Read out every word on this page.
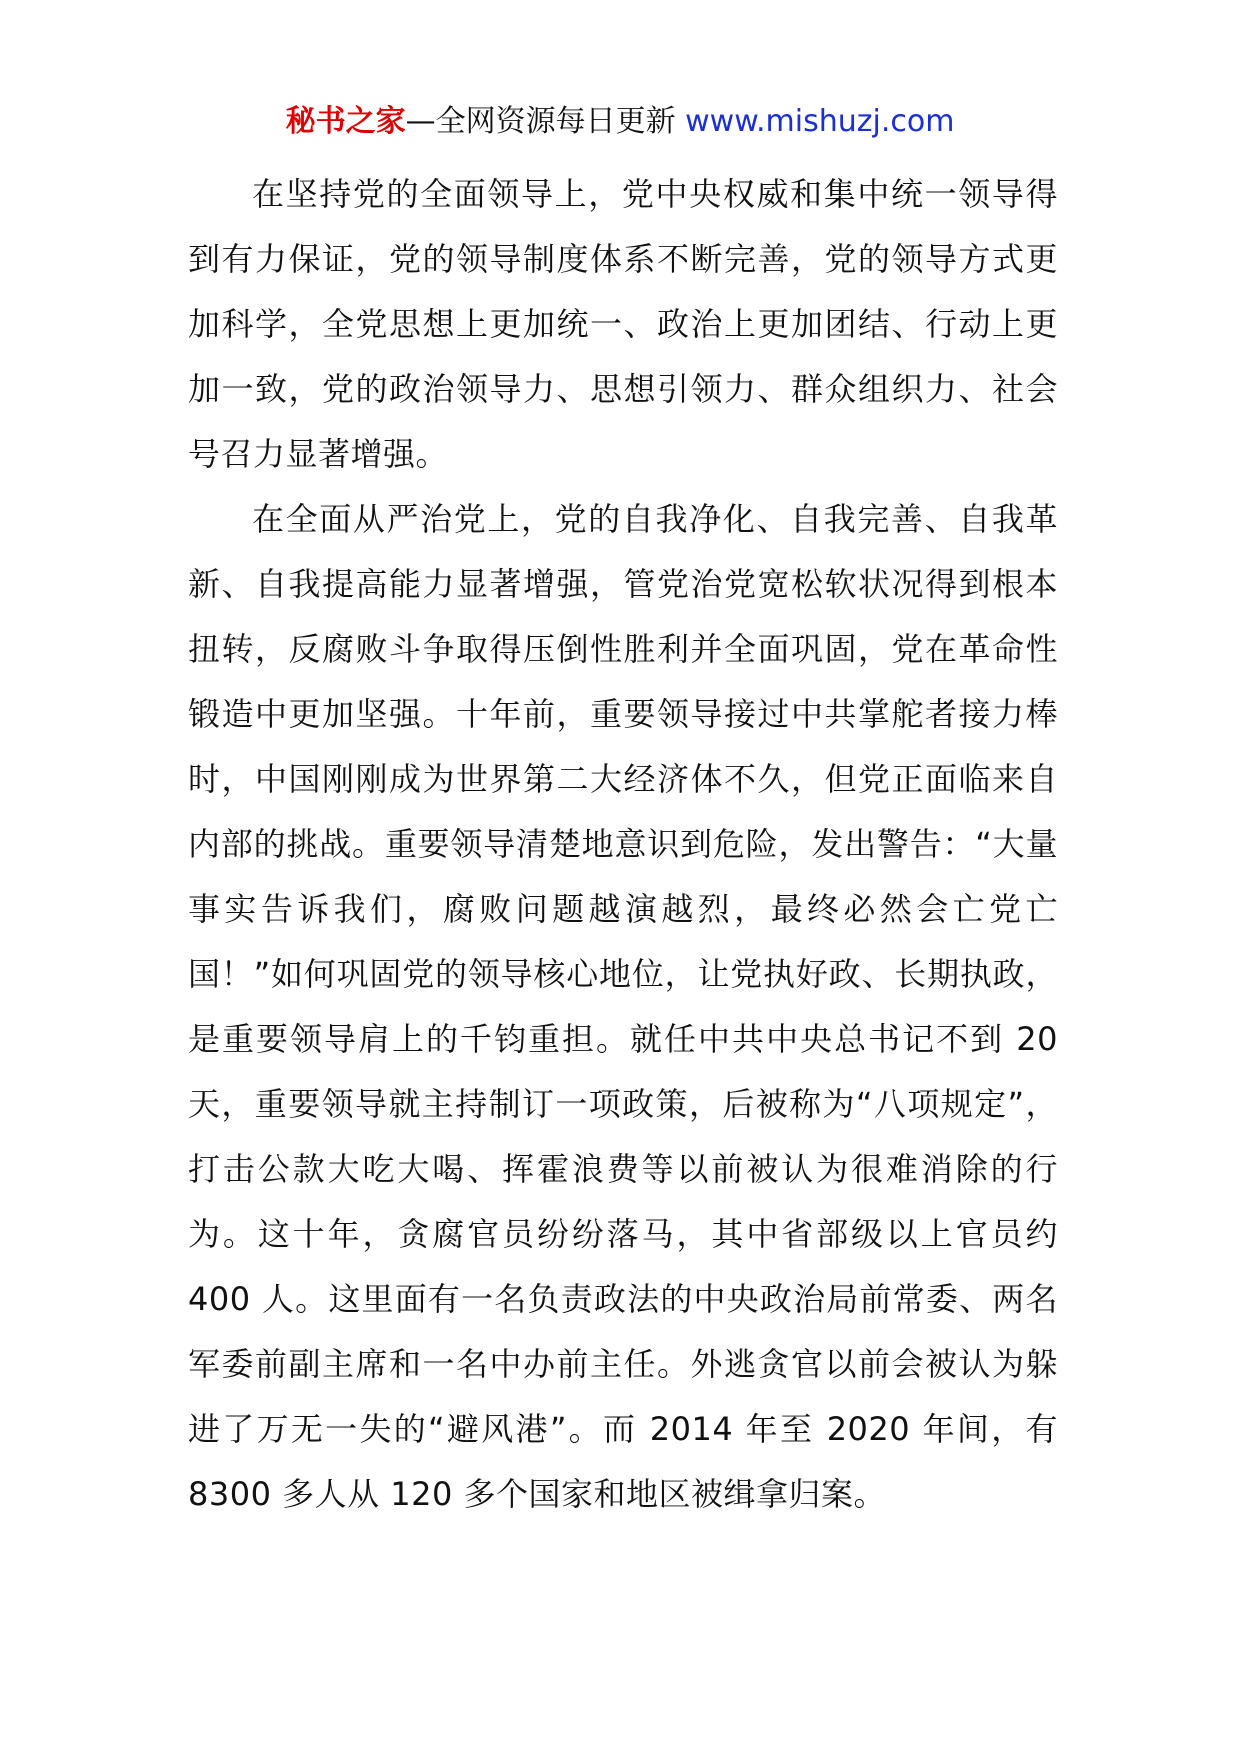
秘书之家—全网资源每日更新 www.mishuzj.com

在坚持党的全面领导上，党中央权威和集中统一领导得到有力保证，党的领导制度体系不断完善，党的领导方式更加科学，全党思想上更加统一、政治上更加团结、行动上更加一致，党的政治领导力、思想引领力、群众组织力、社会号召力显著增强。

在全面从严治党上，党的自我净化、自我完善、自我革新、自我提高能力显著增强，管党治党宽松软状况得到根本扭转，反腐败斗争取得压倒性胜利并全面巩固，党在革命性锻造中更加坚强。十年前，重要领导接过中共掌舵者接力棒时，中国刚刚成为世界第二大经济体不久，但党正面临来自内部的挑战。重要领导清楚地意识到危险，发出警告：“大量事实告诉我们，腐败问题越演越烈，最终必然会亡党亡国！”如何巩固党的领导核心地位，让党执好政、长期执政，是重要领导肩上的千钧重担。就任中共中央总书记不到 20 天，重要领导就主持制订一项政策，后被称为“八项规定”，打击公款大吃大喝、挥霍浪费等以前被认为很难消除的行为。这十年，贪腐官员纷纷落马，其中省部级以上官员约 400 人。这里面有一名负责政法的中央政治局前常委、两名军委前副主席和一名中办前主任。外逃贪官以前会被认为躲进了万无一失的“避风港”。而 2014 年至 2020 年间，有 8300 多人从 120 多个国家和地区被缉拿归案。
